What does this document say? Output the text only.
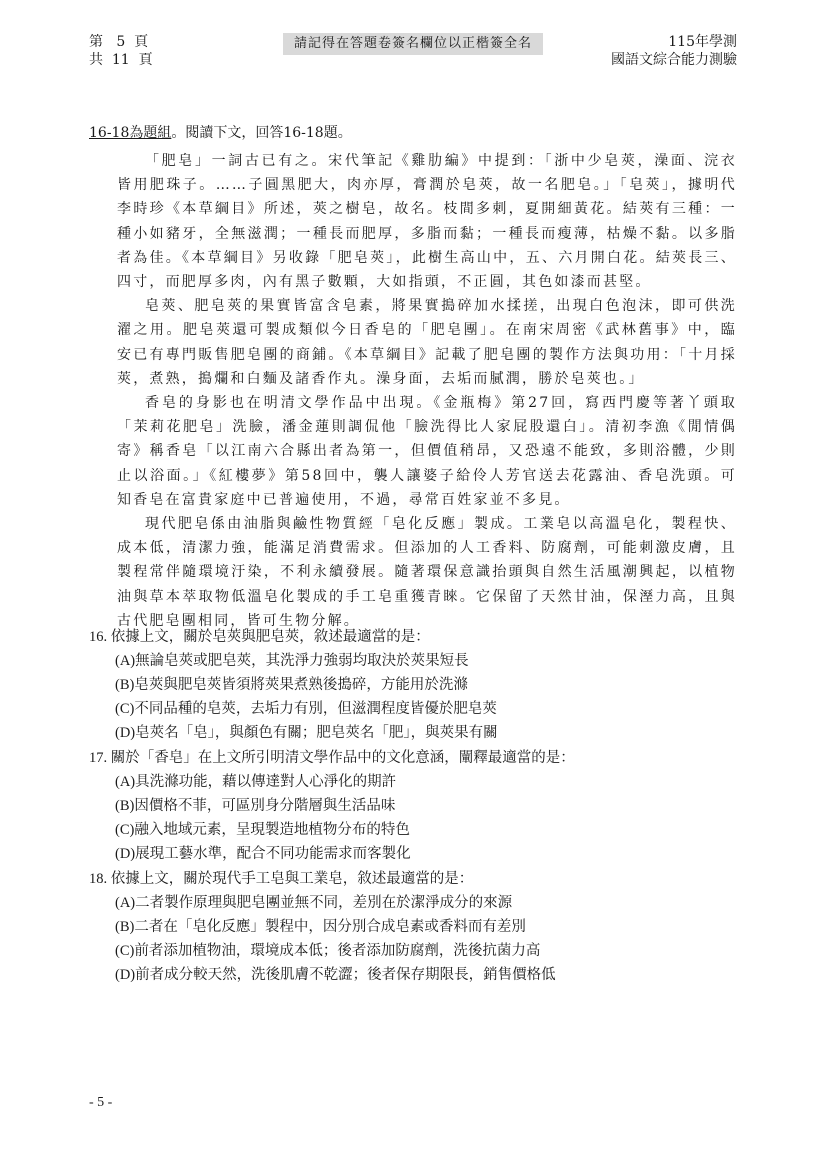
第   5  頁
共  11  頁
請記得在答題卷簽名欄位以正楷簽全名	115年學測
國語文綜合能力測驗
16-18為題組。閱讀下文，回答16-18題。

「肥皂」一詞古已有之。宋代筆記《雞肋編》中提到：「浙中少皂莢，澡面、浣衣皆用肥珠子。……子圓黑肥大，肉亦厚，膏潤於皂莢，故一名肥皂。」「皂莢」，據明代李時珍《本草綱目》所述，莢之樹皂，故名。枝間多刺，夏開細黃花。結莢有三種：一種小如豬牙，全無滋潤；一種長而肥厚，多脂而黏；一種長而瘦薄，枯燥不黏。以多脂者為佳。《本草綱目》另收錄「肥皂莢」，此樹生高山中，五、六月開白花。結莢長三、四寸，而肥厚多肉，內有黑子數顆，大如指頭，不正圓，其色如漆而甚堅。

皂莢、肥皂莢的果實皆富含皂素，將果實搗碎加水揉搓，出現白色泡沫，即可供洗濯之用。肥皂莢還可製成類似今日香皂的「肥皂團」。在南宋周密《武林舊事》中，臨安已有專門販售肥皂團的商鋪。《本草綱目》記載了肥皂團的製作方法與功用：「十月採莢，煮熟，搗爛和白麵及諸香作丸。澡身面，去垢而膩潤，勝於皂莢也。」

香皂的身影也在明清文學作品中出現。《金瓶梅》第27回，寫西門慶等著丫頭取「茉莉花肥皂」洗臉，潘金蓮則調侃他「臉洗得比人家屁股還白」。清初李漁《閒情偶寄》稱香皂「以江南六合縣出者為第一，但價值稍昂，又恐遠不能致，多則浴體，少則止以浴面。」《紅樓夢》第58回中，襲人讓婆子給伶人芳官送去花露油、香皂洗頭。可知香皂在富貴家庭中已普遍使用，不過，尋常百姓家並不多見。

現代肥皂係由油脂與鹼性物質經「皂化反應」製成。工業皂以高溫皂化，製程快、成本低，清潔力強，能滿足消費需求。但添加的人工香料、防腐劑，可能刺激皮膚，且製程常伴隨環境汙染，不利永續發展。隨著環保意識抬頭與自然生活風潮興起，以植物油與草本萃取物低溫皂化製成的手工皂重獲青睞。它保留了天然甘油，保溼力高，且與古代肥皂團相同，皆可生物分解。

16. 依據上文，關於皂莢與肥皂莢，敘述最適當的是：
(A)無論皂莢或肥皂莢，其洗淨力強弱均取決於莢果短長
(B)皂莢與肥皂莢皆須將莢果煮熟後搗碎，方能用於洗滌
(C)不同品種的皂莢，去垢力有別，但滋潤程度皆優於肥皂莢
(D)皂莢名「皂」，與顏色有關；肥皂莢名「肥」，與莢果有關
17. 關於「香皂」在上文所引明清文學作品中的文化意涵，闡釋最適當的是：
(A)具洗滌功能，藉以傳達對人心淨化的期許
(B)因價格不菲，可區別身分階層與生活品味
(C)融入地域元素，呈現製造地植物分布的特色
(D)展現工藝水準，配合不同功能需求而客製化
18. 依據上文，關於現代手工皂與工業皂，敘述最適當的是：
(A)二者製作原理與肥皂團並無不同，差別在於潔淨成分的來源
(B)二者在「皂化反應」製程中，因分別合成皂素或香料而有差別
(C)前者添加植物油，環境成本低；後者添加防腐劑，洗後抗菌力高
(D)前者成分較天然，洗後肌膚不乾澀；後者保存期限長，銷售價格低
- 5 -
